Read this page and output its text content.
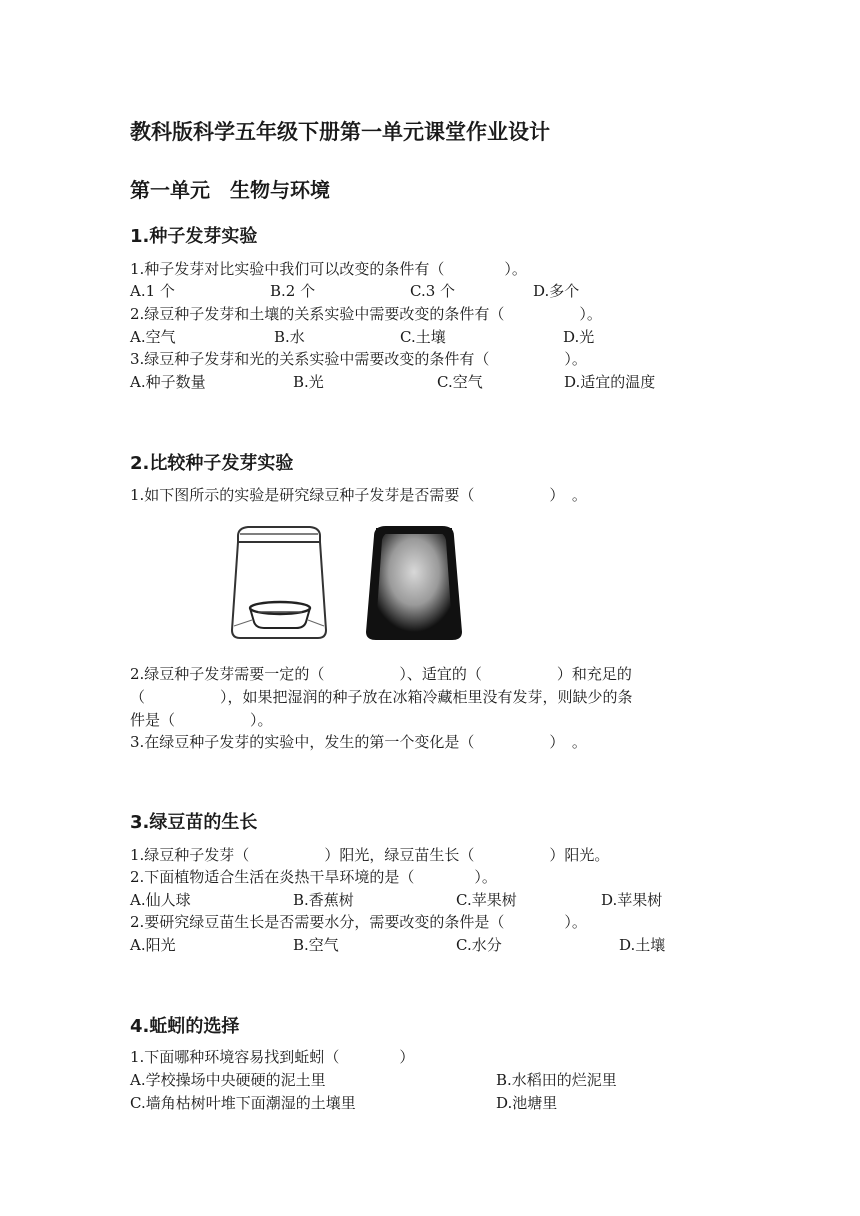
教科版科学五年级下册第一单元课堂作业设计
第一单元　生物与环境
1.种子发芽实验
1.种子发芽对比实验中我们可以改变的条件有（　　　　）。
A.1 个	B.2 个	C.3 个	D.多个
2.绿豆种子发芽和土壤的关系实验中需要改变的条件有（　　　　　）。
A.空气	B.水	C.土壤	D.光
3.绿豆种子发芽和光的关系实验中需要改变的条件有（　　　　　）。
A.种子数量	B.光	C.空气	D.适宜的温度
2.比较种子发芽实验
1.如下图所示的实验是研究绿豆种子发芽是否需要（　　　　　）　。
2.绿豆种子发芽需要一定的（　　　　　）、适宜的（　　　　　）和充足的
（　　　　　），如果把湿润的种子放在冰箱冷藏柜里没有发芽，则缺少的条
件是（　　　　　）。
3.在绿豆种子发芽的实验中，发生的第一个变化是（　　　　　）　。
3.绿豆苗的生长
1.绿豆种子发芽（　　　　　）阳光，绿豆苗生长（　　　　　）阳光。
2.下面植物适合生活在炎热干旱环境的是（　　　　）。
A.仙人球	B.香蕉树	C.苹果树	D.苹果树
2.要研究绿豆苗生长是否需要水分，需要改变的条件是（　　　　）。
A.阳光	B.空气	C.水分	D.土壤
4.蚯蚓的选择
1.下面哪种环境容易找到蚯蚓（　　　　）
A.学校操场中央硬硬的泥土里	B.水稻田的烂泥里
C.墙角枯树叶堆下面潮湿的土壤里	D.池塘里
